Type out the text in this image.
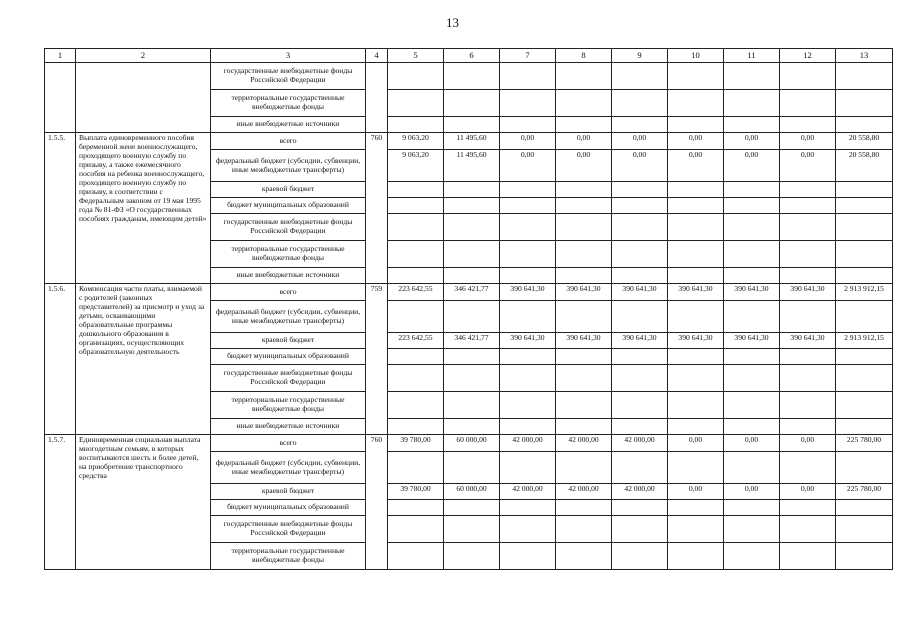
13
1	2	3	4	5	6	7	8	9	10	11	12	13
		государственные внебюджетные фонды Российской Федерации										
		территориальные государственные внебюджетные фонды										
		иные внебюджетные источники										
1.5.5.	Выплата единовременного пособия беременной жене военнослужащего, проходящего военную службу по призыву, а также ежемесячного пособия на ребенка военнослужащего, проходящего военную службу по призыву, в соответствии с Федеральным законом от 19 мая 1995 года № 81-ФЗ «О государственных пособиях гражданам, имеющим детей»	всего	760	9 063,20	11 495,60	0,00	0,00	0,00	0,00	0,00	0,00	20 558,80
		федеральный бюджет (субсидии, субвенции, иные межбюджетные трансферты)		9 063,20	11 495,60	0,00	0,00	0,00	0,00	0,00	0,00	20 558,80
		краевой бюджет										
		бюджет муниципальных образований										
		государственные внебюджетные фонды Российской Федерации										
		территориальные государственные внебюджетные фонды										
		иные внебюджетные источники										
1.5.6.	Компенсация части платы, взимаемой с родителей (законных представителей) за присмотр и уход за детьми, осваивающими образовательные программы дошкольного образования в организациях, осуществляющих образовательную деятельность	всего	759	223 642,55	346 421,77	390 641,30	390 641,30	390 641,30	390 641,30	390 641,30	390 641,30	2 913 912,15
		федеральный бюджет (субсидии, субвенции, иные межбюджетные трансферты)										
		краевой бюджет		223 642,55	346 421,77	390 641,30	390 641,30	390 641,30	390 641,30	390 641,30	390 641,30	2 913 912,15
		бюджет муниципальных образований										
		государственные внебюджетные фонды Российской Федерации										
		территориальные государственные внебюджетные фонды										
		иные внебюджетные источники										
1.5.7.	Единовременная социальная выплата многодетным семьям, в которых воспитываются шесть и более детей, на приобретение транспортного средства	всего	760	39 780,00	60 000,00	42 000,00	42 000,00	42 000,00	0,00	0,00	0,00	225 780,00
		федеральный бюджет (субсидии, субвенции, иные межбюджетные трансферты)										
		краевой бюджет		39 780,00	60 000,00	42 000,00	42 000,00	42 000,00	0,00	0,00	0,00	225 780,00
		бюджет муниципальных образований										
		государственные внебюджетные фонды Российской Федерации										
		территориальные государственные внебюджетные фонды										
